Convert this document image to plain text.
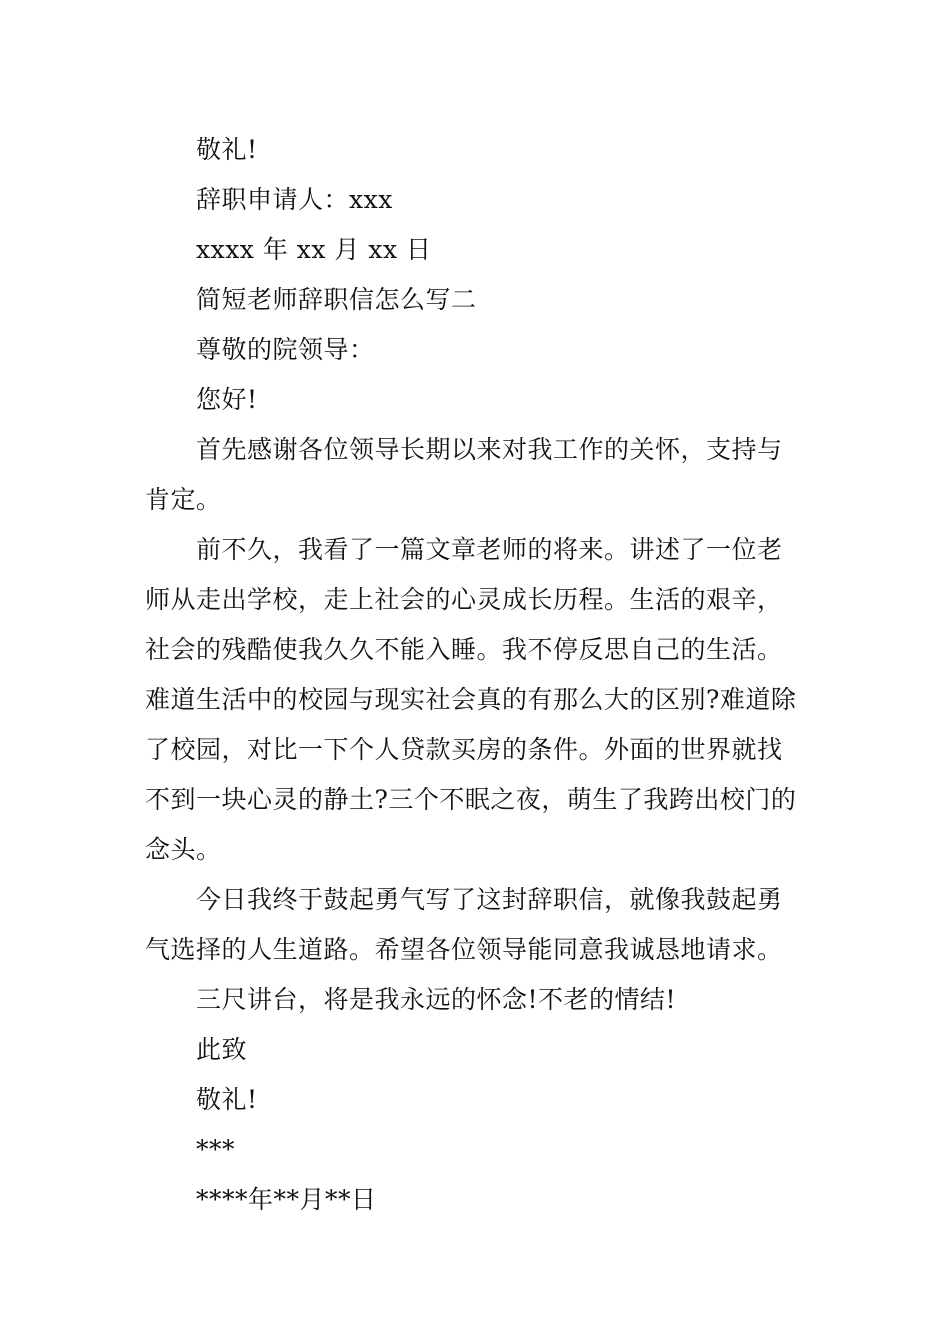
敬礼!
辞职申请人：xxx
xxxx 年 xx 月 xx 日
简短老师辞职信怎么写二
尊敬的院领导：
您好!
首先感谢各位领导长期以来对我工作的关怀，支持与
肯定。
前不久，我看了一篇文章老师的将来。讲述了一位老
师从走出学校，走上社会的心灵成长历程。生活的艰辛，
社会的残酷使我久久不能入睡。我不停反思自己的生活。
难道生活中的校园与现实社会真的有那么大的区别?难道除
了校园，对比一下个人贷款买房的条件。外面的世界就找
不到一块心灵的静土?三个不眠之夜，萌生了我跨出校门的
念头。
今日我终于鼓起勇气写了这封辞职信，就像我鼓起勇
气选择的人生道路。希望各位领导能同意我诚恳地请求。
三尺讲台，将是我永远的怀念!不老的情结!
此致
敬礼!
***
****年**月**日
